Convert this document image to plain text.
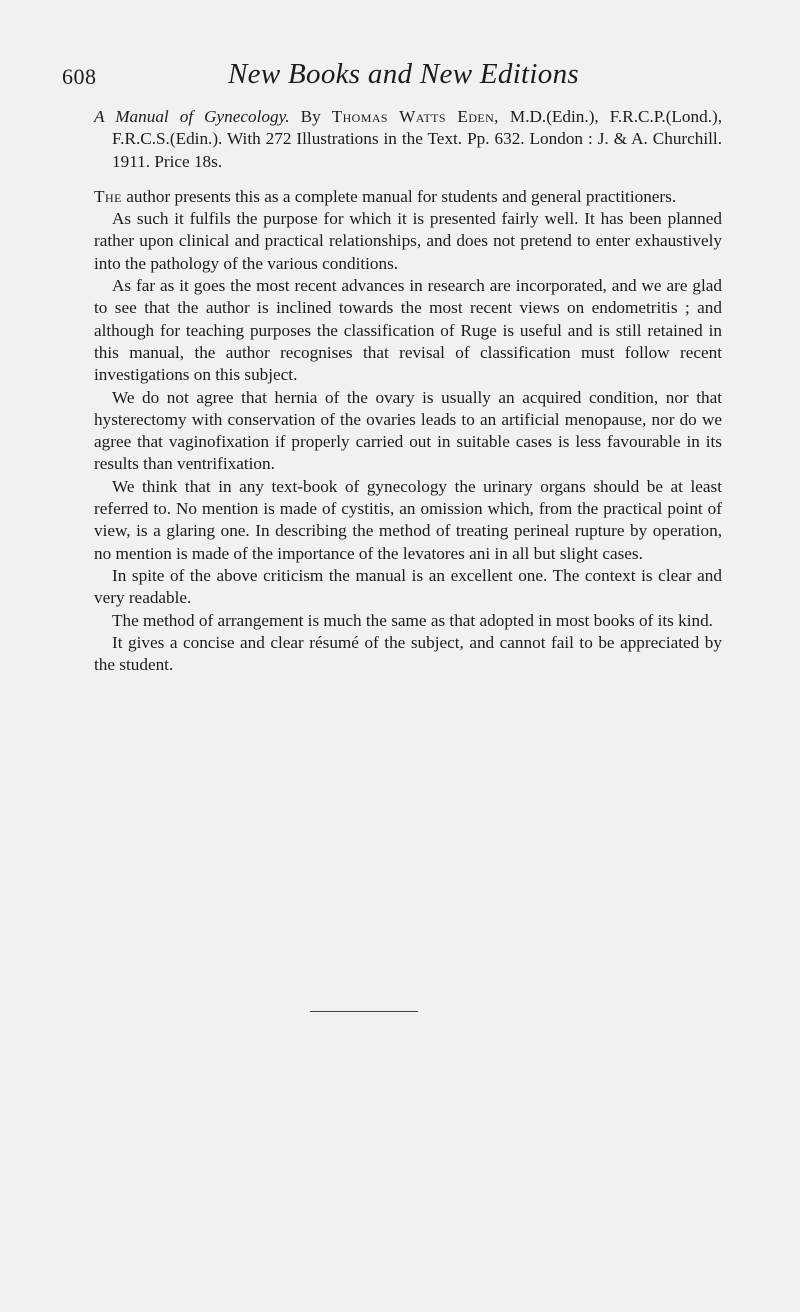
608	New Books and New Editions

A Manual of Gynecology. By Thomas Watts Eden, M.D.(Edin.), F.R.C.P.(Lond.), F.R.C.S.(Edin.). With 272 Illustrations in the Text. Pp. 632. London : J. & A. Churchill. 1911. Price 18s.

The author presents this as a complete manual for students and general practitioners.

As such it fulfils the purpose for which it is presented fairly well. It has been planned rather upon clinical and practical relationships, and does not pretend to enter exhaustively into the pathology of the various conditions.

As far as it goes the most recent advances in research are incorporated, and we are glad to see that the author is inclined towards the most recent views on endometritis ; and although for teaching purposes the classification of Ruge is useful and is still retained in this manual, the author recognises that revisal of classification must follow recent investigations on this subject.

We do not agree that hernia of the ovary is usually an acquired condition, nor that hysterectomy with conservation of the ovaries leads to an artificial menopause, nor do we agree that vaginofixation if properly carried out in suitable cases is less favourable in its results than ventrifixation.

We think that in any text-book of gynecology the urinary organs should be at least referred to. No mention is made of cystitis, an omission which, from the practical point of view, is a glaring one. In describing the method of treating perineal rupture by operation, no mention is made of the importance of the levatores ani in all but slight cases.

In spite of the above criticism the manual is an excellent one. The context is clear and very readable.

The method of arrangement is much the same as that adopted in most books of its kind.

It gives a concise and clear résumé of the subject, and cannot fail to be appreciated by the student.
